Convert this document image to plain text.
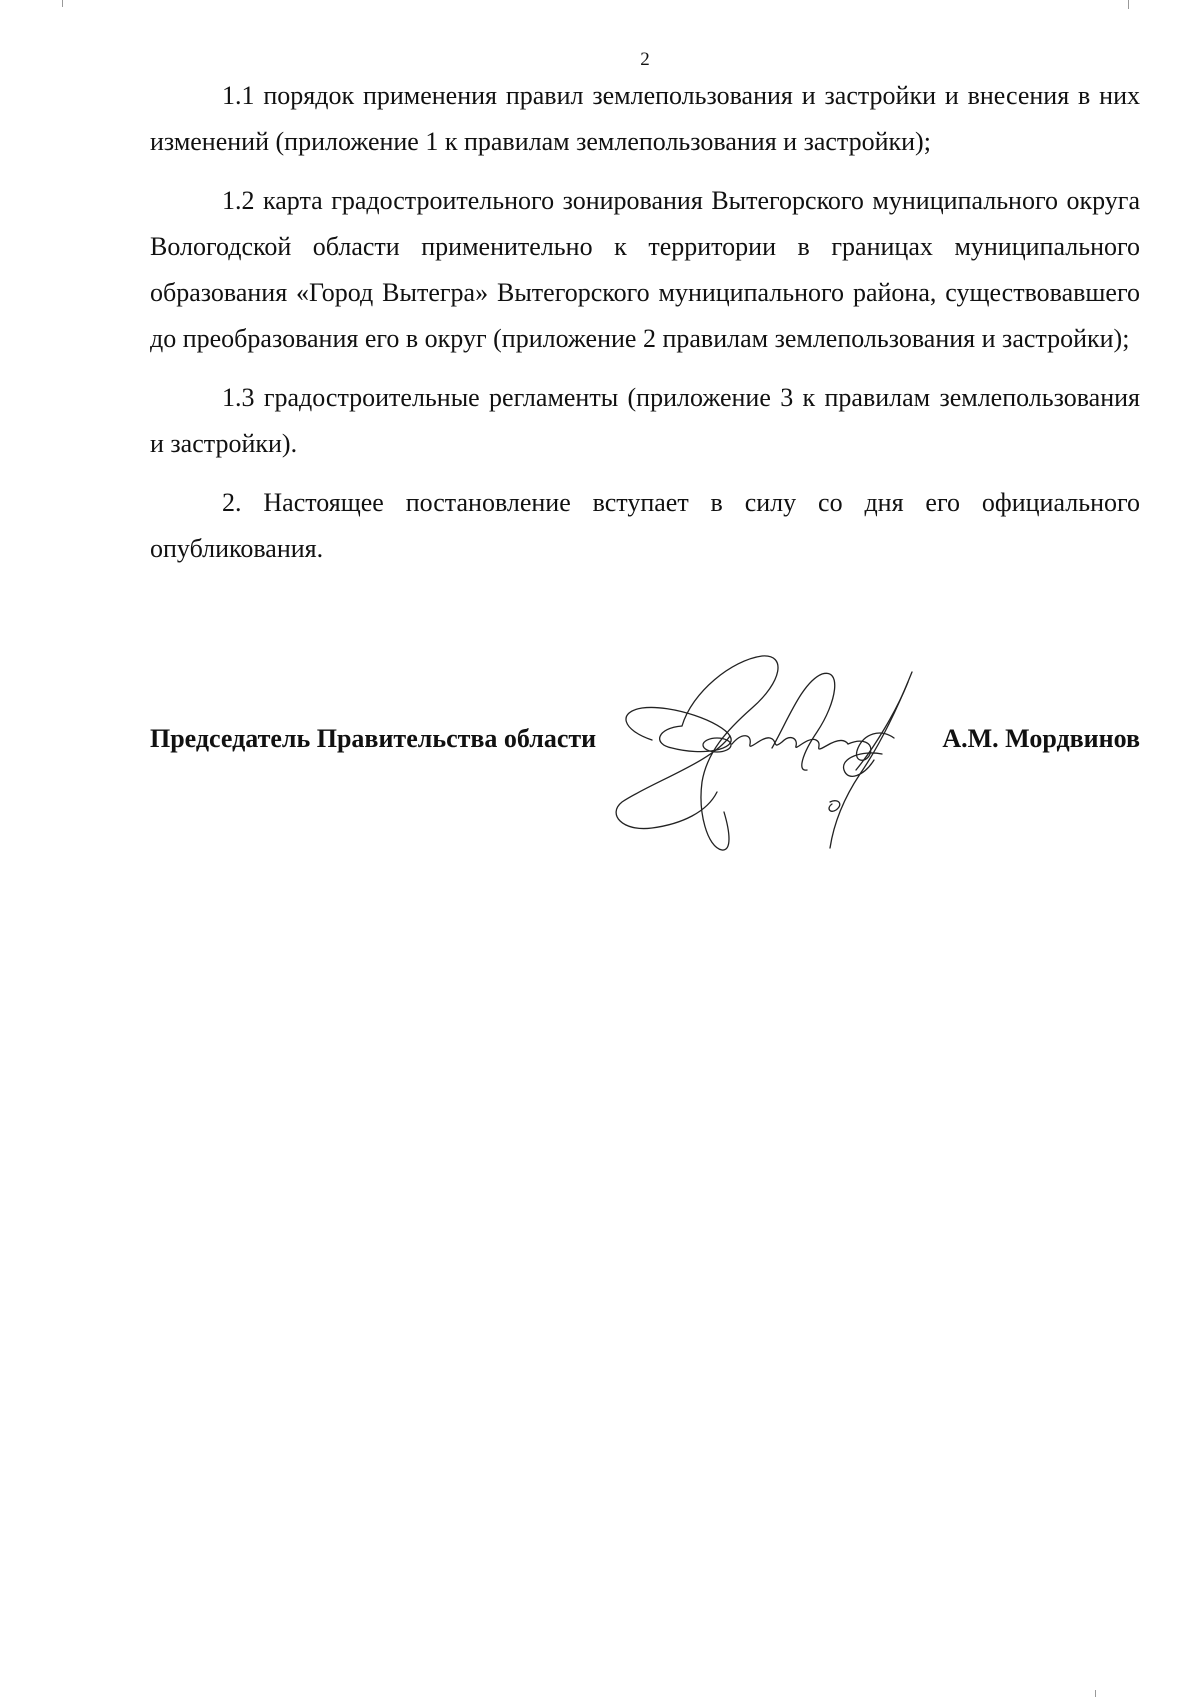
2

1.1 порядок применения правил землепользования и застройки и внесения в них изменений (приложение 1 к правилам землепользования и застройки);

1.2 карта градостроительного зонирования Вытегорского муниципального округа Вологодской области применительно к территории в границах муниципального образования «Город Вытегра» Вытегорского муниципального района, существовавшего до преобразования его в округ (приложение 2 правилам землепользования и застройки);

1.3 градостроительные регламенты (приложение 3 к правилам землепользования и застройки).

2. Настоящее постановление вступает в силу со дня его официального опубликования.

Председатель Правительства области	А.М. Мордвинов
